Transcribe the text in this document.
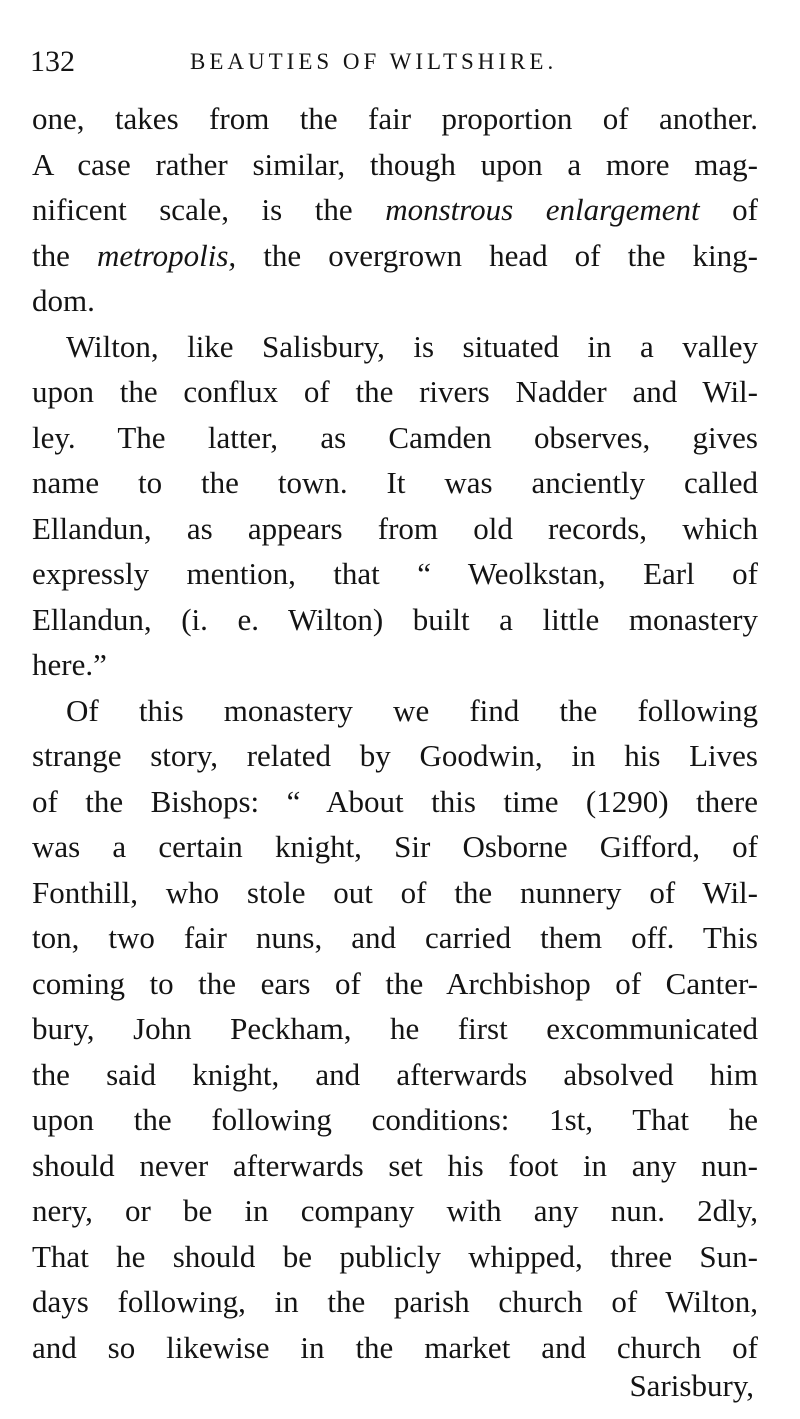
132	BEAUTIES OF WILTSHIRE.
one, takes from the fair proportion of another.
A case rather similar, though upon a more mag-
nificent scale, is the monstrous enlargement of
the metropolis, the overgrown head of the king-
dom.
Wilton, like Salisbury, is situated in a valley
upon the conflux of the rivers Nadder and Wil-
ley. The latter, as Camden observes, gives
name to the town. It was anciently called
Ellandun, as appears from old records, which
expressly mention, that “ Weolkstan, Earl of
Ellandun, (i. e. Wilton) built a little monastery
here.”
Of this monastery we find the following
strange story, related by Goodwin, in his Lives
of the Bishops: “ About this time (1290) there
was a certain knight, Sir Osborne Gifford, of
Fonthill, who stole out of the nunnery of Wil-
ton, two fair nuns, and carried them off. This
coming to the ears of the Archbishop of Canter-
bury, John Peckham, he first excommunicated
the said knight, and afterwards absolved him
upon the following conditions: 1st, That he
should never afterwards set his foot in any nun-
nery, or be in company with any nun. 2dly,
That he should be publicly whipped, three Sun-
days following, in the parish church of Wilton,
and so likewise in the market and church of
Sarisbury,
